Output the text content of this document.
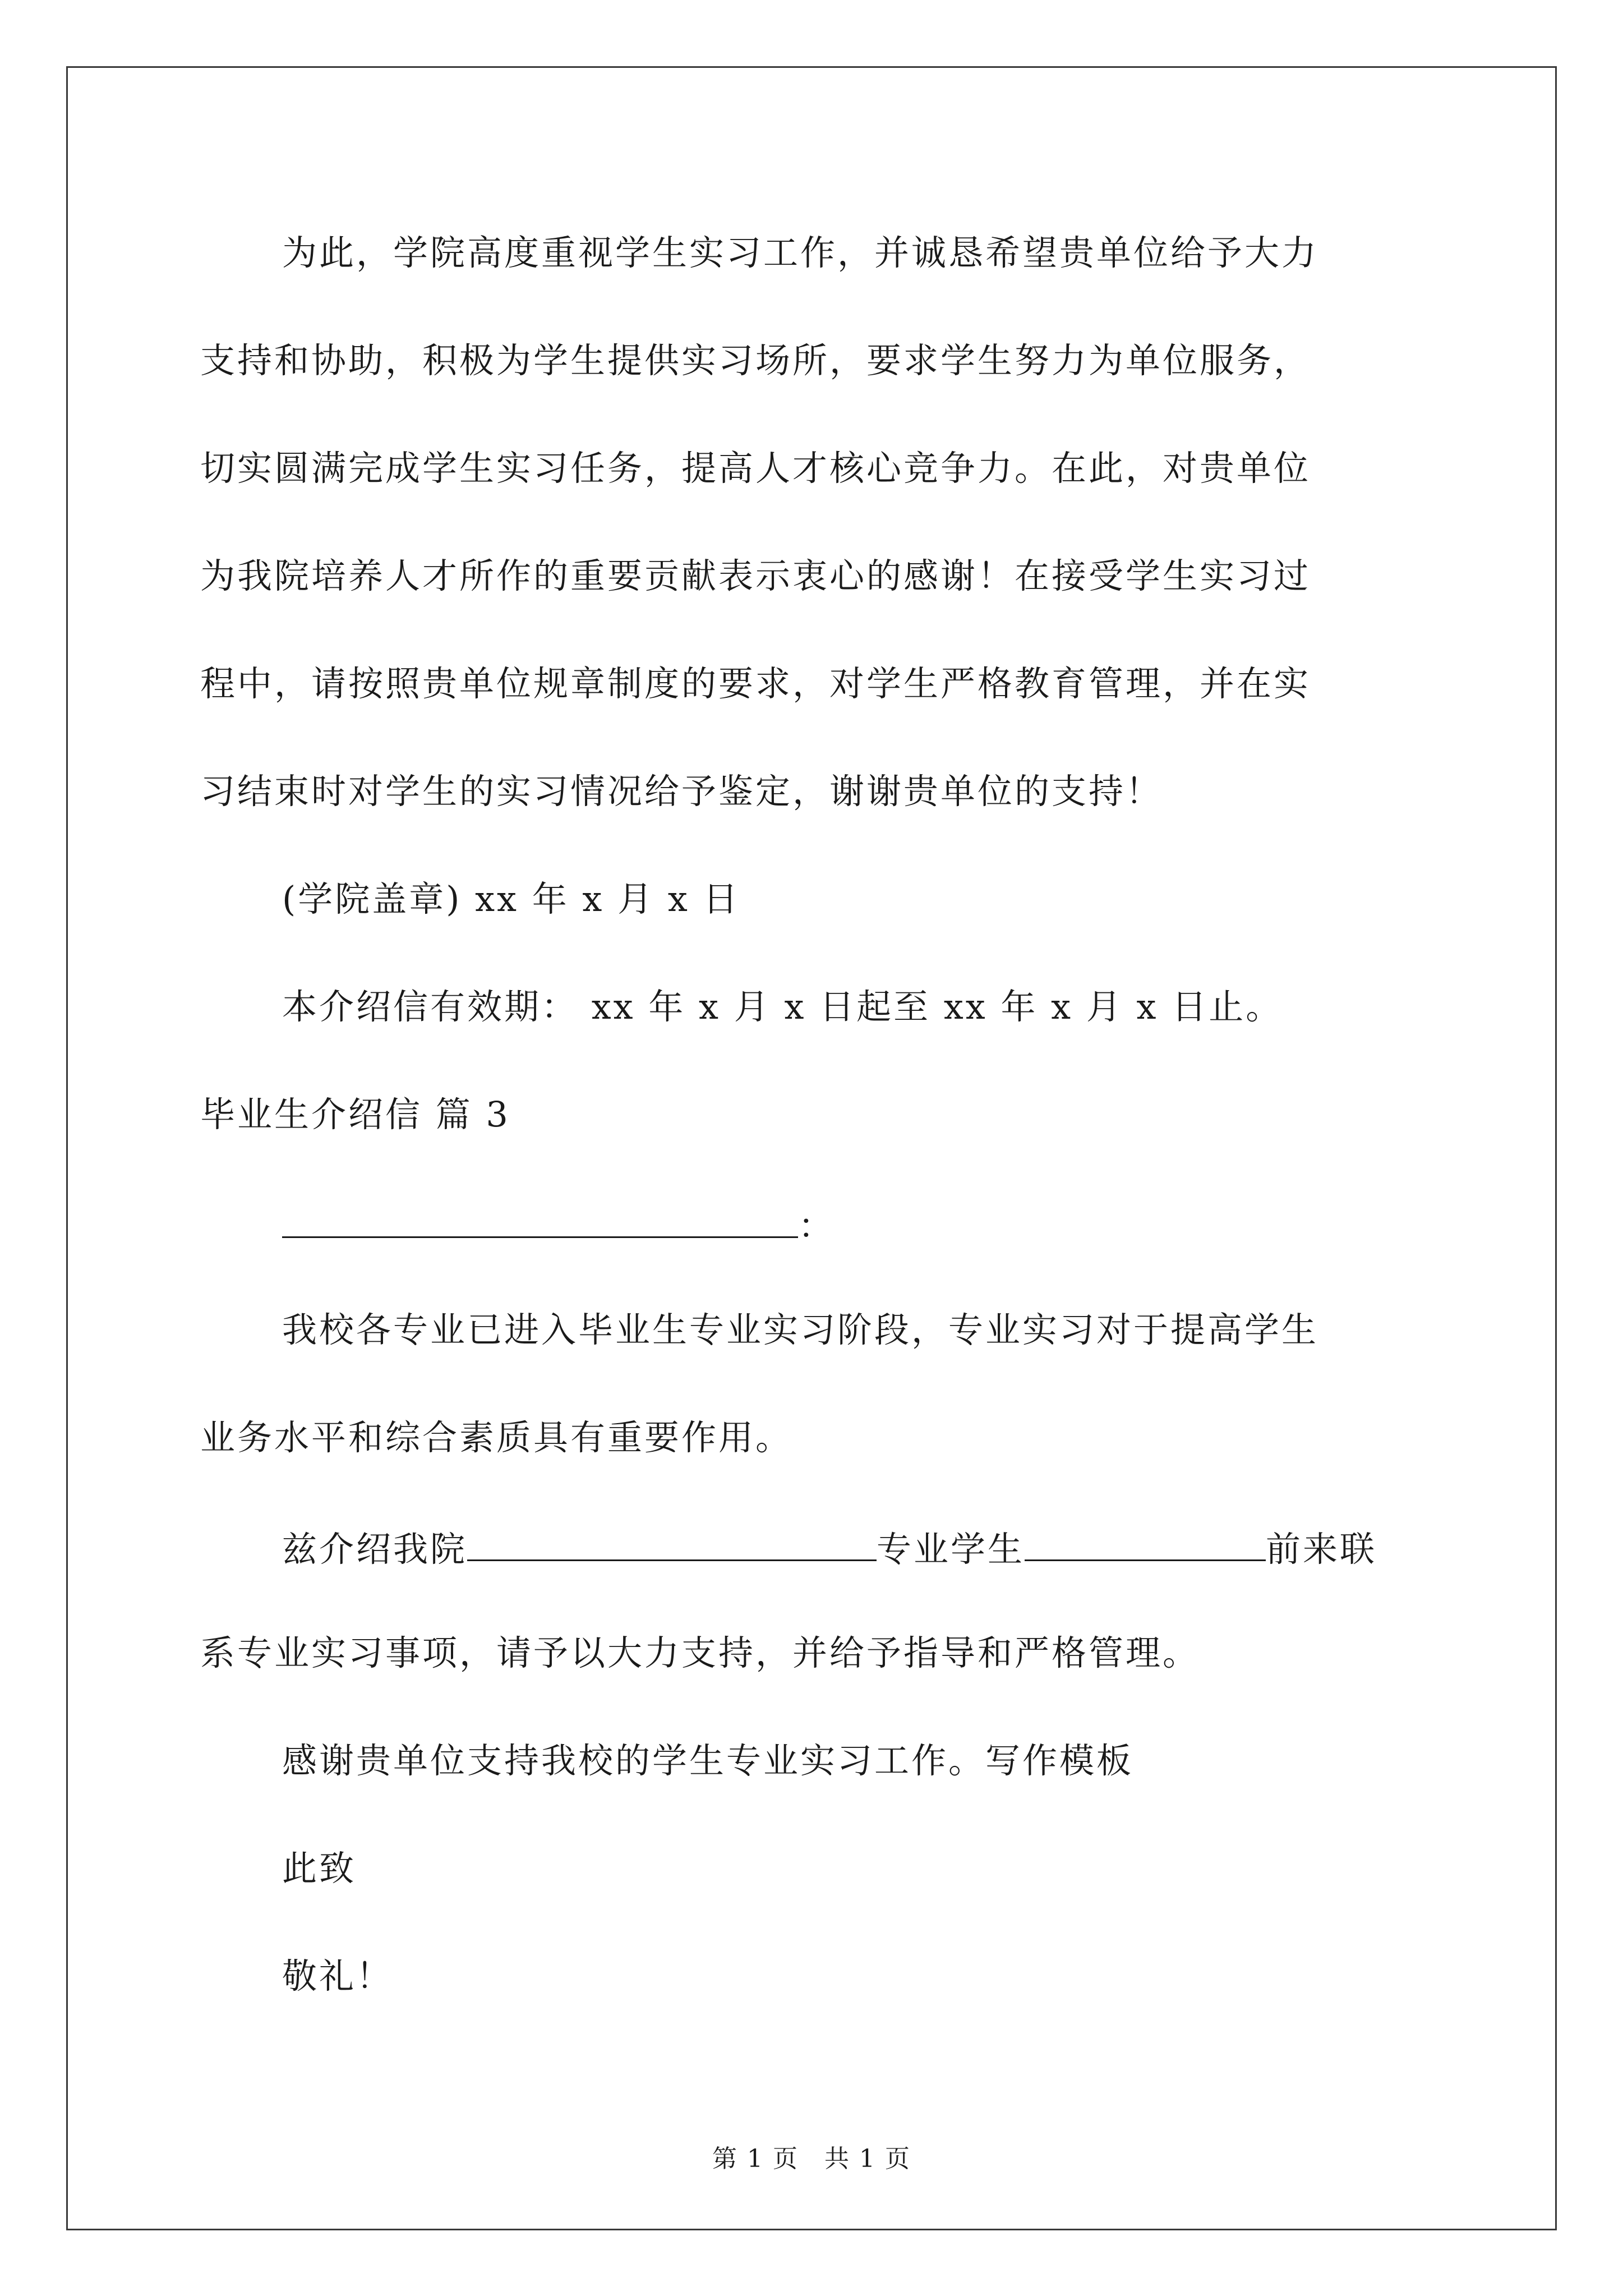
为此，学院高度重视学生实习工作，并诚恳希望贵单位给予大力
支持和协助，积极为学生提供实习场所，要求学生努力为单位服务，
切实圆满完成学生实习任务，提高人才核心竞争力。在此，对贵单位
为我院培养人才所作的重要贡献表示衷心的感谢！在接受学生实习过
程中，请按照贵单位规章制度的要求，对学生严格教育管理，并在实
习结束时对学生的实习情况给予鉴定，谢谢贵单位的支持！
(学院盖章) xx 年 x 月 x 日
本介绍信有效期： xx 年 x 月 x 日起至 xx 年 x 月 x 日止。
毕业生介绍信 篇 3
：
我校各专业已进入毕业生专业实习阶段，专业实习对于提高学生
业务水平和综合素质具有重要作用。
兹介绍我院	专业学生	前来联
系专业实习事项，请予以大力支持，并给予指导和严格管理。
感谢贵单位支持我校的学生专业实习工作。写作模板
此致
敬礼！
第 1 页　共 1 页
